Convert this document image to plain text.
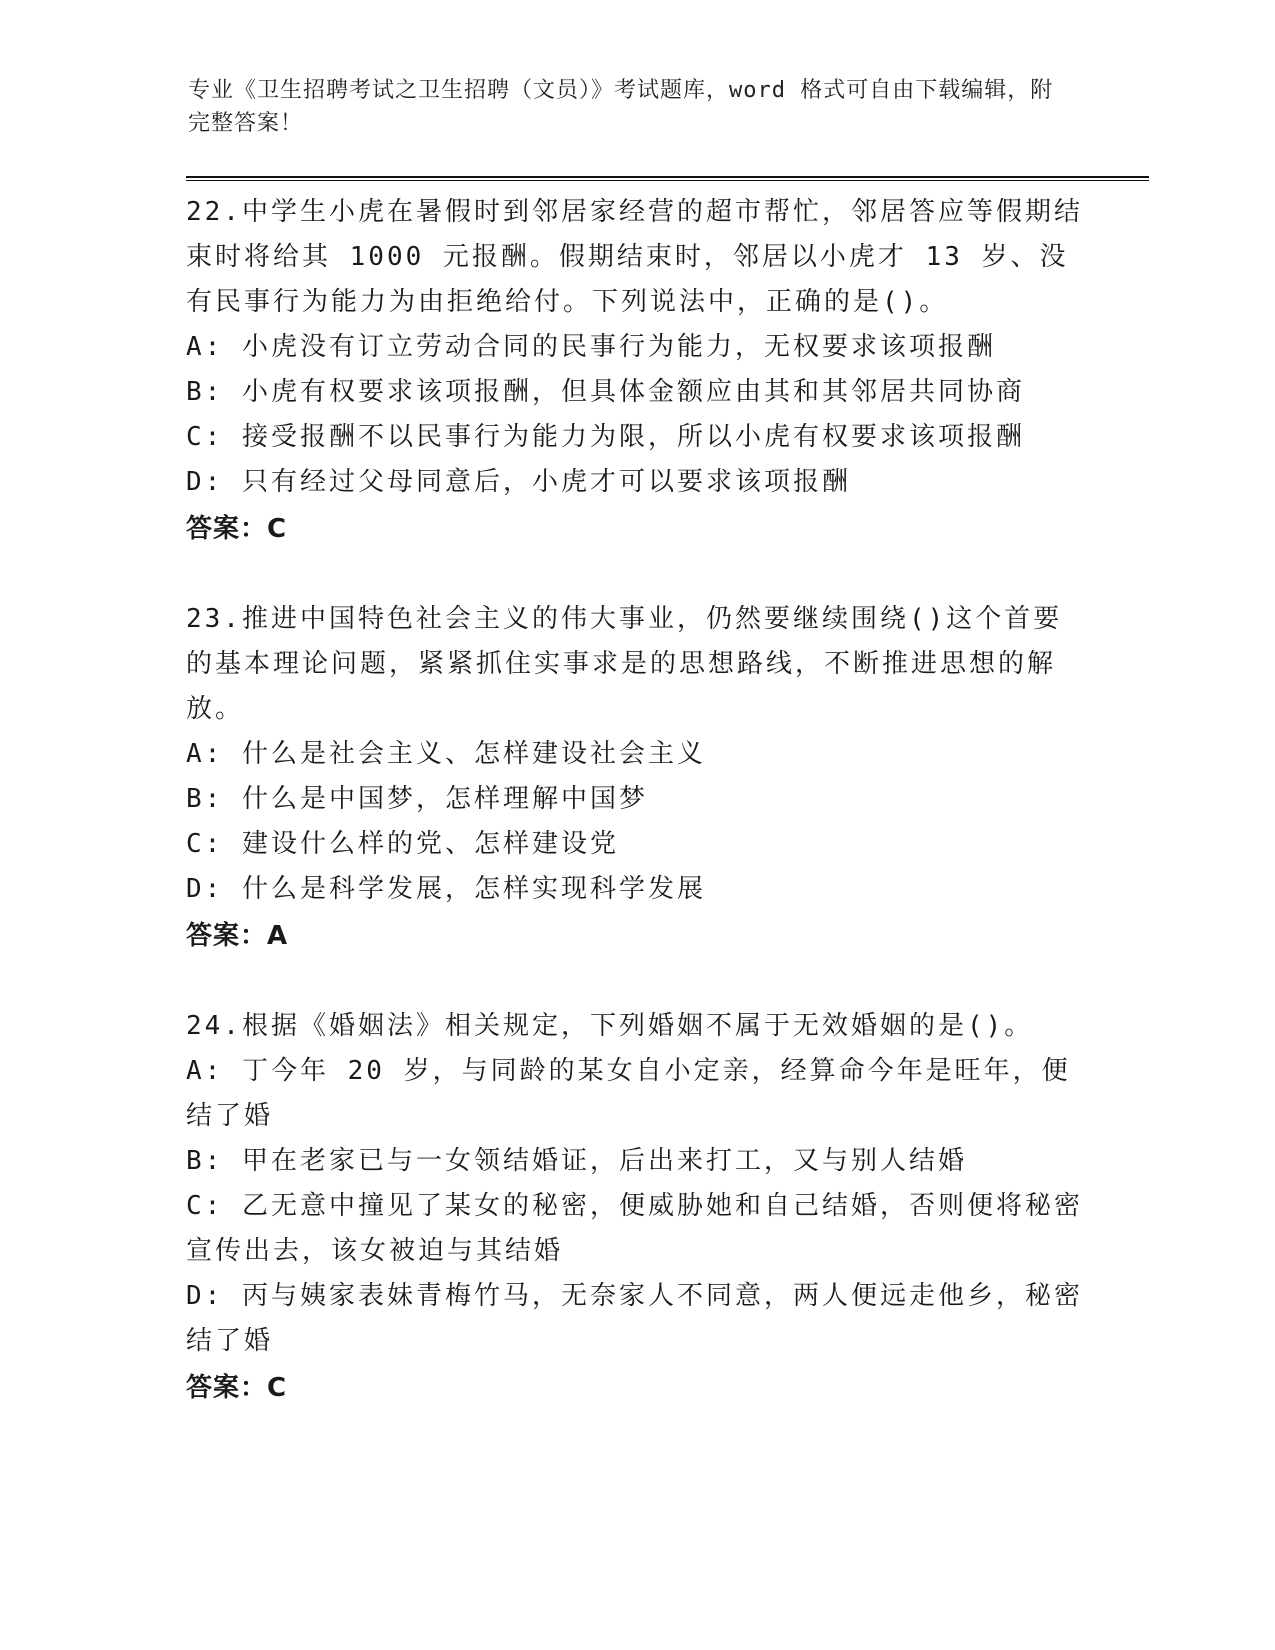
专业《卫生招聘考试之卫生招聘（文员）》考试题库，word 格式可自由下载编辑，附完整答案！
22.中学生小虎在暑假时到邻居家经营的超市帮忙，邻居答应等假期结束时将给其 1000 元报酬。假期结束时，邻居以小虎才 13 岁、没有民事行为能力为由拒绝给付。下列说法中，正确的是()。
A: 小虎没有订立劳动合同的民事行为能力，无权要求该项报酬
B: 小虎有权要求该项报酬，但具体金额应由其和其邻居共同协商
C: 接受报酬不以民事行为能力为限，所以小虎有权要求该项报酬
D: 只有经过父母同意后，小虎才可以要求该项报酬
答案：C
23.推进中国特色社会主义的伟大事业，仍然要继续围绕()这个首要的基本理论问题，紧紧抓住实事求是的思想路线，不断推进思想的解放。
A: 什么是社会主义、怎样建设社会主义
B: 什么是中国梦，怎样理解中国梦
C: 建设什么样的党、怎样建设党
D: 什么是科学发展，怎样实现科学发展
答案：A
24.根据《婚姻法》相关规定，下列婚姻不属于无效婚姻的是()。
A: 丁今年 20 岁，与同龄的某女自小定亲，经算命今年是旺年，便结了婚
B: 甲在老家已与一女领结婚证，后出来打工，又与别人结婚
C: 乙无意中撞见了某女的秘密，便威胁她和自己结婚，否则便将秘密宣传出去，该女被迫与其结婚
D: 丙与姨家表妹青梅竹马，无奈家人不同意，两人便远走他乡，秘密结了婚
答案：C
